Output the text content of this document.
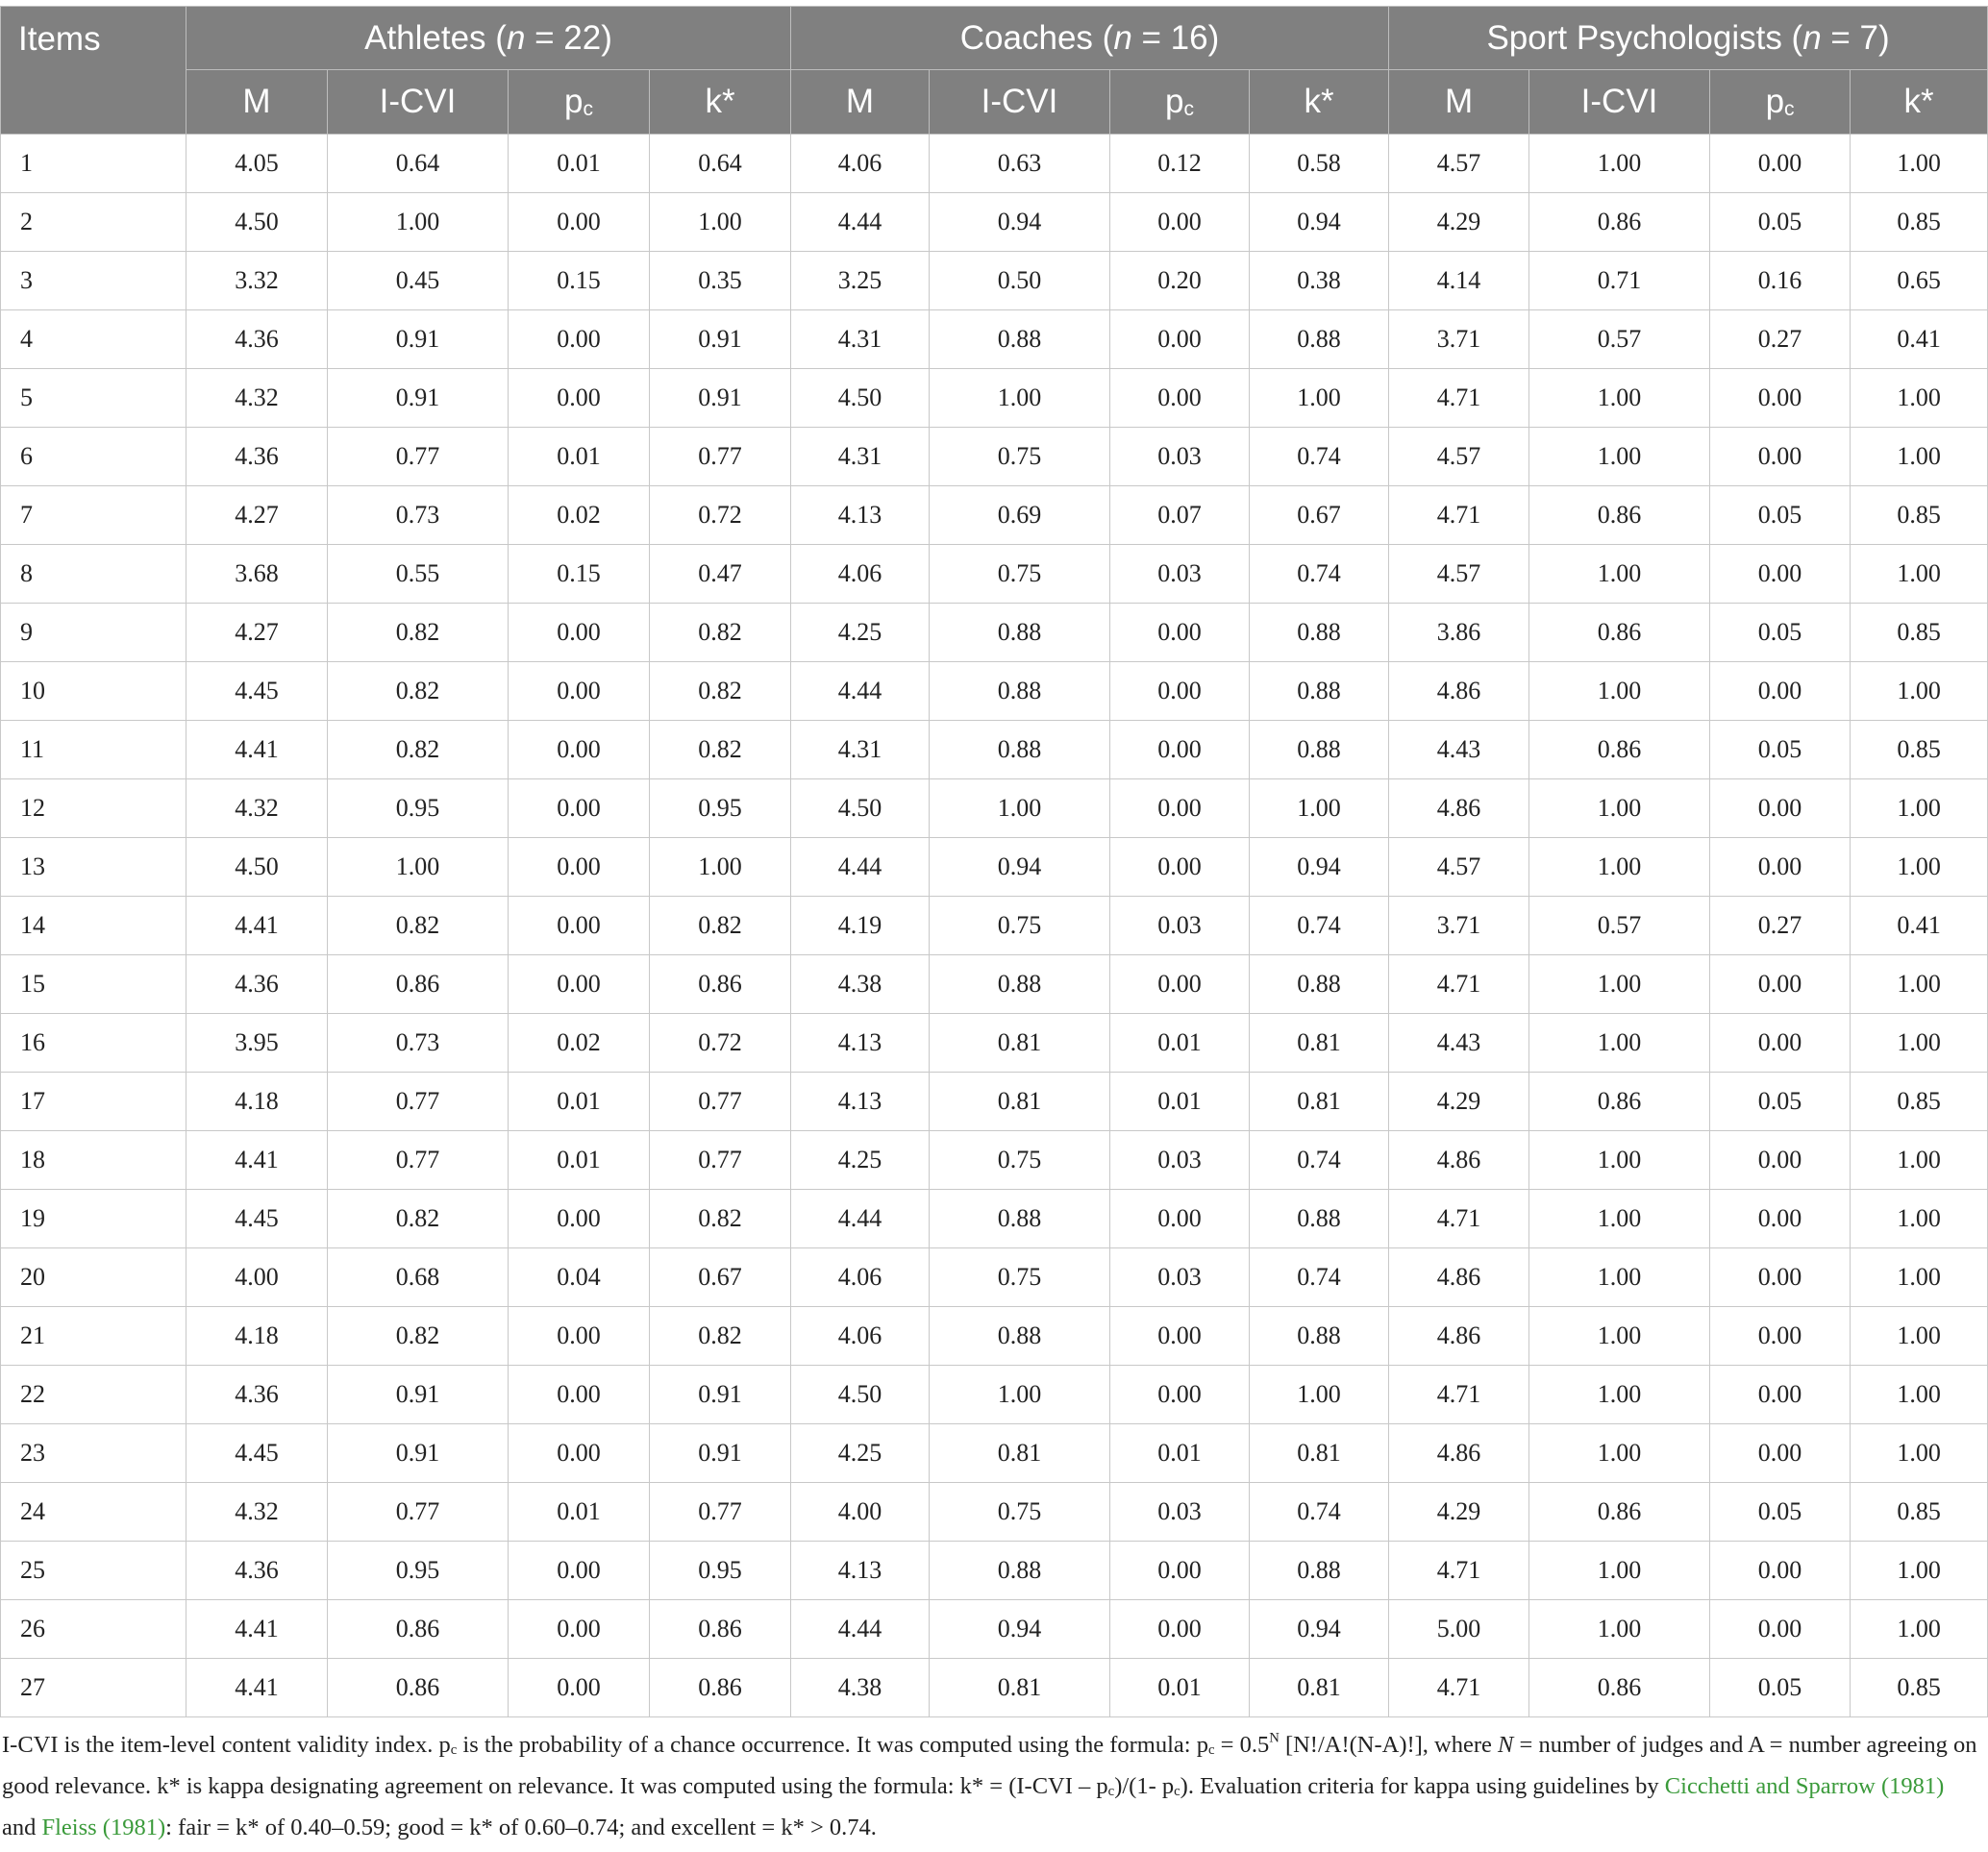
Items	Athletes (n = 22)				Coaches (n = 16)				Sport Psychologists (n = 7)			
	M	I-CVI	$p_c$	k*	M	I-CVI	$p_c$	k*	M	I-CVI	$p_c$	k*
1	4.05	0.64	0.01	0.64	4.06	0.63	0.12	0.58	4.57	1.00	0.00	1.00
2	4.50	1.00	0.00	1.00	4.44	0.94	0.00	0.94	4.29	0.86	0.05	0.85
3	3.32	0.45	0.15	0.35	3.25	0.50	0.20	0.38	4.14	0.71	0.16	0.65
4	4.36	0.91	0.00	0.91	4.31	0.88	0.00	0.88	3.71	0.57	0.27	0.41
5	4.32	0.91	0.00	0.91	4.50	1.00	0.00	1.00	4.71	1.00	0.00	1.00
6	4.36	0.77	0.01	0.77	4.31	0.75	0.03	0.74	4.57	1.00	0.00	1.00
7	4.27	0.73	0.02	0.72	4.13	0.69	0.07	0.67	4.71	0.86	0.05	0.85
8	3.68	0.55	0.15	0.47	4.06	0.75	0.03	0.74	4.57	1.00	0.00	1.00
9	4.27	0.82	0.00	0.82	4.25	0.88	0.00	0.88	3.86	0.86	0.05	0.85
10	4.45	0.82	0.00	0.82	4.44	0.88	0.00	0.88	4.86	1.00	0.00	1.00
11	4.41	0.82	0.00	0.82	4.31	0.88	0.00	0.88	4.43	0.86	0.05	0.85
12	4.32	0.95	0.00	0.95	4.50	1.00	0.00	1.00	4.86	1.00	0.00	1.00
13	4.50	1.00	0.00	1.00	4.44	0.94	0.00	0.94	4.57	1.00	0.00	1.00
14	4.41	0.82	0.00	0.82	4.19	0.75	0.03	0.74	3.71	0.57	0.27	0.41
15	4.36	0.86	0.00	0.86	4.38	0.88	0.00	0.88	4.71	1.00	0.00	1.00
16	3.95	0.73	0.02	0.72	4.13	0.81	0.01	0.81	4.43	1.00	0.00	1.00
17	4.18	0.77	0.01	0.77	4.13	0.81	0.01	0.81	4.29	0.86	0.05	0.85
18	4.41	0.77	0.01	0.77	4.25	0.75	0.03	0.74	4.86	1.00	0.00	1.00
19	4.45	0.82	0.00	0.82	4.44	0.88	0.00	0.88	4.71	1.00	0.00	1.00
20	4.00	0.68	0.04	0.67	4.06	0.75	0.03	0.74	4.86	1.00	0.00	1.00
21	4.18	0.82	0.00	0.82	4.06	0.88	0.00	0.88	4.86	1.00	0.00	1.00
22	4.36	0.91	0.00	0.91	4.50	1.00	0.00	1.00	4.71	1.00	0.00	1.00
23	4.45	0.91	0.00	0.91	4.25	0.81	0.01	0.81	4.86	1.00	0.00	1.00
24	4.32	0.77	0.01	0.77	4.00	0.75	0.03	0.74	4.29	0.86	0.05	0.85
25	4.36	0.95	0.00	0.95	4.13	0.88	0.00	0.88	4.71	1.00	0.00	1.00
26	4.41	0.86	0.00	0.86	4.44	0.94	0.00	0.94	5.00	1.00	0.00	1.00
27	4.41	0.86	0.00	0.86	4.38	0.81	0.01	0.81	4.71	0.86	0.05	0.85

I-CVI is the item-level content validity index. $p_c$ is the probability of a chance occurrence. It was computed using the formula: $p_c = 0.5^N$ [N!/A!(N-A)!], where N = number of judges and A = number agreeing on good relevance. k* is kappa designating agreement on relevance. It was computed using the formula: $k* = (I-CVI - p_c)/(1-$ $p_c$). Evaluation criteria for kappa using guidelines by Cicchetti and Sparrow (1981) and Fleiss (1981): fair = k* of 0.40–0.59; good = k* of 0.60–0.74; and excellent = k* > 0.74.
